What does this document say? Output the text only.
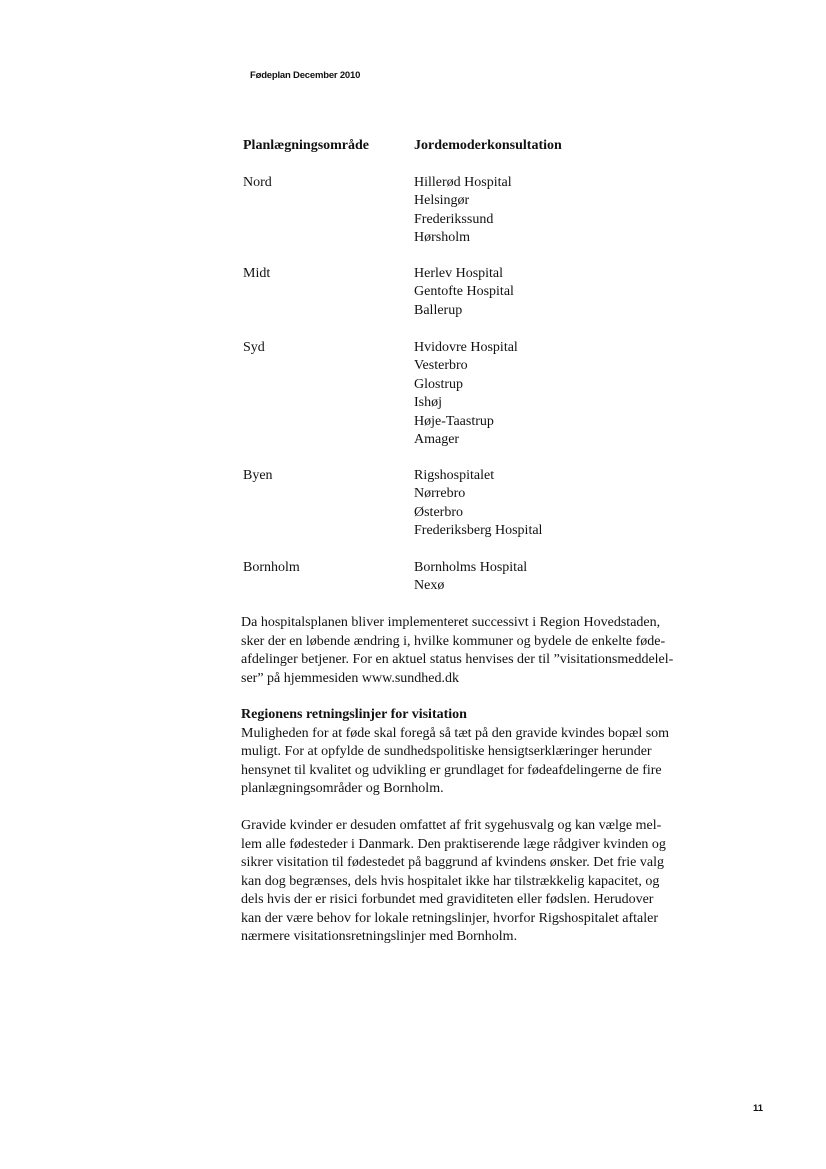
Fødeplan December 2010
Planlægningsområde	Jordemoderkonsultation
Nord	Hillerød Hospital
Helsingør
Frederikssund
Hørsholm
Midt	Herlev Hospital
Gentofte Hospital
Ballerup
Syd	Hvidovre Hospital
Vesterbro
Glostrup
Ishøj
Høje-Taastrup
Amager
Byen	Rigshospitalet
Nørrebro
Østerbro
Frederiksberg Hospital
Bornholm	Bornholms Hospital
Nexø
Da hospitalsplanen bliver implementeret successivt i Region Hovedstaden,
sker der en løbende ændring i, hvilke kommuner og bydele de enkelte føde-
afdelinger betjener. For en aktuel status henvises der til ”visitationsmeddelel-
ser” på hjemmesiden www.sundhed.dk
Regionens retningslinjer for visitation
Muligheden for at føde skal foregå så tæt på den gravide kvindes bopæl som
muligt. For at opfylde de sundhedspolitiske hensigtserklæringer herunder
hensynet til kvalitet og udvikling er grundlaget for fødeafdelingerne de fire
planlægningsområder og Bornholm.
Gravide kvinder er desuden omfattet af frit sygehusvalg og kan vælge mel-
lem alle fødesteder i Danmark. Den praktiserende læge rådgiver kvinden og
sikrer visitation til fødestedet på baggrund af kvindens ønsker. Det frie valg
kan dog begrænses, dels hvis hospitalet ikke har tilstrækkelig kapacitet, og
dels hvis der er risici forbundet med graviditeten eller fødslen. Herudover
kan der være behov for lokale retningslinjer, hvorfor Rigshospitalet aftaler
nærmere visitationsretningslinjer med Bornholm.
11
